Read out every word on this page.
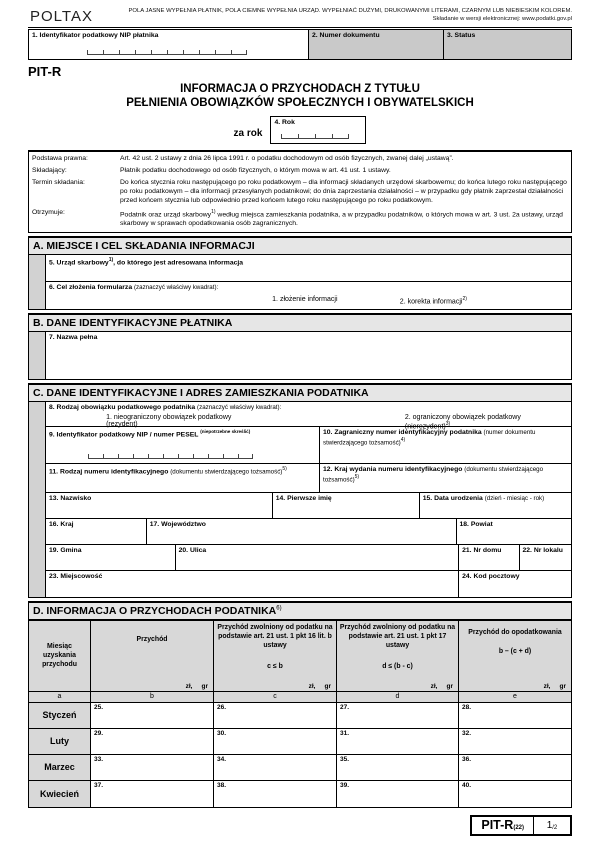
POLTAX	POLA JASNE WYPEŁNIA PŁATNIK, POLA CIEMNE WYPEŁNIA URZĄD. WYPEŁNIAĆ DUŻYMI, DRUKOWANYMI LITERAMI, CZARNYM LUB NIEBIESKIM KOLOREM.
Składanie w wersji elektronicznej: www.podatki.gov.pl
1. Identyfikator podatkowy NIP płatnika	2. Numer dokumentu	3. Status
PIT-R
INFORMACJA O PRZYCHODACH Z TYTUŁU
PEŁNIENIA OBOWIĄZKÓW SPOŁECZNYCH I OBYWATELSKICH
za rok
4. Rok
Podstawa prawna:	Art. 42 ust. 2 ustawy z dnia 26 lipca 1991 r. o podatku dochodowym od osób fizycznych, zwanej dalej „ustawą”.
Składający:	Płatnik podatku dochodowego od osób fizycznych, o którym mowa w art. 41 ust. 1 ustawy.
Termin składania:	Do końca stycznia roku następującego po roku podatkowym – dla informacji składanych urzędowi skarbowemu; do końca lutego roku następującego po roku podatkowym – dla informacji przesyłanych podatnikowi; do dnia zaprzestania działalności – w przypadku gdy płatnik zaprzestał działalności przed końcem stycznia lub odpowiednio przed końcem lutego roku następującego po roku podatkowym.
Otrzymuje:	Podatnik oraz urząd skarbowy$^{1)}$ według miejsca zamieszkania podatnika, a w przypadku podatników, o których mowa w art. 3 ust. 2a ustawy, urząd skarbowy w sprawach opodatkowania osób zagranicznych.
A. MIEJSCE I CEL SKŁADANIA INFORMACJI
5. Urząd skarbowy$^{1)}$, do którego jest adresowana informacja
6. Cel złożenia formularza (zaznaczyć właściwy kwadrat):
1. złożenie informacji	2. korekta informacji$^{2)}$
B. DANE IDENTYFIKACYJNE PŁATNIKA
7. Nazwa pełna
C. DANE IDENTYFIKACYJNE I ADRES ZAMIESZKANIA PODATNIKA
8. Rodzaj obowiązku podatkowego podatnika (zaznaczyć właściwy kwadrat):
1. nieograniczony obowiązek podatkowy (rezydent)
2. ograniczony obowiązek podatkowy (nierezydent)$^{3)}$
9. Identyfikator podatkowy NIP / numer PESEL $^{(niepotrzebne skreślić)}$	10. Zagraniczny numer identyfikacyjny podatnika (numer dokumentu stwierdzającego tożsamość)$^{4)}$
11. Rodzaj numeru identyfikacyjnego (dokumentu stwierdzającego tożsamość)$^{5)}$	12. Kraj wydania numeru identyfikacyjnego (dokumentu stwierdzającego tożsamość)$^{5)}$
13. Nazwisko	14. Pierwsze imię	15. Data urodzenia (dzień - miesiąc - rok)
16. Kraj	17. Województwo	18. Powiat
19. Gmina	20. Ulica	21. Nr domu	22. Nr lokalu
23. Miejscowość	24. Kod pocztowy
D. INFORMACJA O PRZYCHODACH PODATNIKA$^{6)}$
Miesiąc uzyskania przychodu
Przychód
zł, gr
Przychód zwolniony od podatku na podstawie art. 21 ust. 1 pkt 16 lit. b ustawy
c ≤ b
zł, gr
Przychód zwolniony od podatku na podstawie art. 21 ust. 1 pkt 17 ustawy
d ≤ (b - c)
zł, gr
Przychód do opodatkowania
b – (c + d)
zł, gr
a	b	c	d	e
Styczeń
25.	26.	27.	28.
Luty
29.	30.	31.	32.
Marzec
33.	34.	35.	36.
Kwiecień
37.	38.	39.	40.
PIT-R (22) 1 /2
